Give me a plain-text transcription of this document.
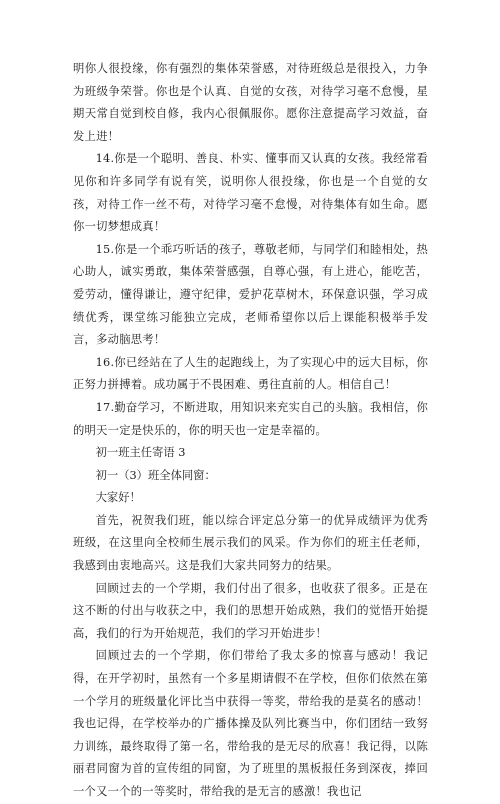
明你人很投缘，你有强烈的集体荣誉感，对待班级总是很投入，力争为班级争荣誉。你也是个认真、自觉的女孩，对待学习毫不怠慢，星期天常自觉到校自修，我内心很佩服你。愿你注意提高学习效益，奋发上进！

14.你是一个聪明、善良、朴实、懂事而又认真的女孩。我经常看见你和许多同学有说有笑，说明你人很投缘，你也是一个自觉的女孩，对待工作一丝不苟，对待学习毫不怠慢，对待集体有如生命。愿你一切梦想成真！

15.你是一个乖巧听话的孩子，尊敬老师，与同学们和睦相处，热心助人，诚实勇敢，集体荣誉感强，自尊心强，有上进心，能吃苦，爱劳动，懂得谦让，遵守纪律，爱护花草树木，环保意识强，学习成绩优秀，课堂练习能独立完成，老师希望你以后上课能积极举手发言，多动脑思考！

16.你已经站在了人生的起跑线上，为了实现心中的远大目标，你正努力拼搏着。成功属于不畏困难、勇往直前的人。相信自己！

17.勤奋学习，不断进取，用知识来充实自己的头脑。我相信，你的明天一定是快乐的，你的明天也一定是幸福的。

初一班主任寄语 3

初一（3）班全体同窗：

大家好！

首先，祝贺我们班，能以综合评定总分第一的优异成绩评为优秀班级，在这里向全校师生展示我们的风采。作为你们的班主任老师，我感到由衷地高兴。这是我们大家共同努力的结果。

回顾过去的一个学期，我们付出了很多，也收获了很多。正是在这不断的付出与收获之中，我们的思想开始成熟，我们的觉悟开始提高，我们的行为开始规范，我们的学习开始进步！

回顾过去的一个学期，你们带给了我太多的惊喜与感动！我记得，在开学初时，虽然有一个多星期请假不在学校，但你们依然在第一个学月的班级量化评比当中获得一等奖，带给我的是莫名的感动！我也记得，在学校举办的广播体操及队列比赛当中，你们团结一致努力训练，最终取得了第一名，带给我的是无尽的欣喜！我记得，以陈丽君同窗为首的宣传组的同窗，为了班里的黑板报任务到深夜，捧回一个又一个的一等奖时，带给我的是无言的感激！我也记
